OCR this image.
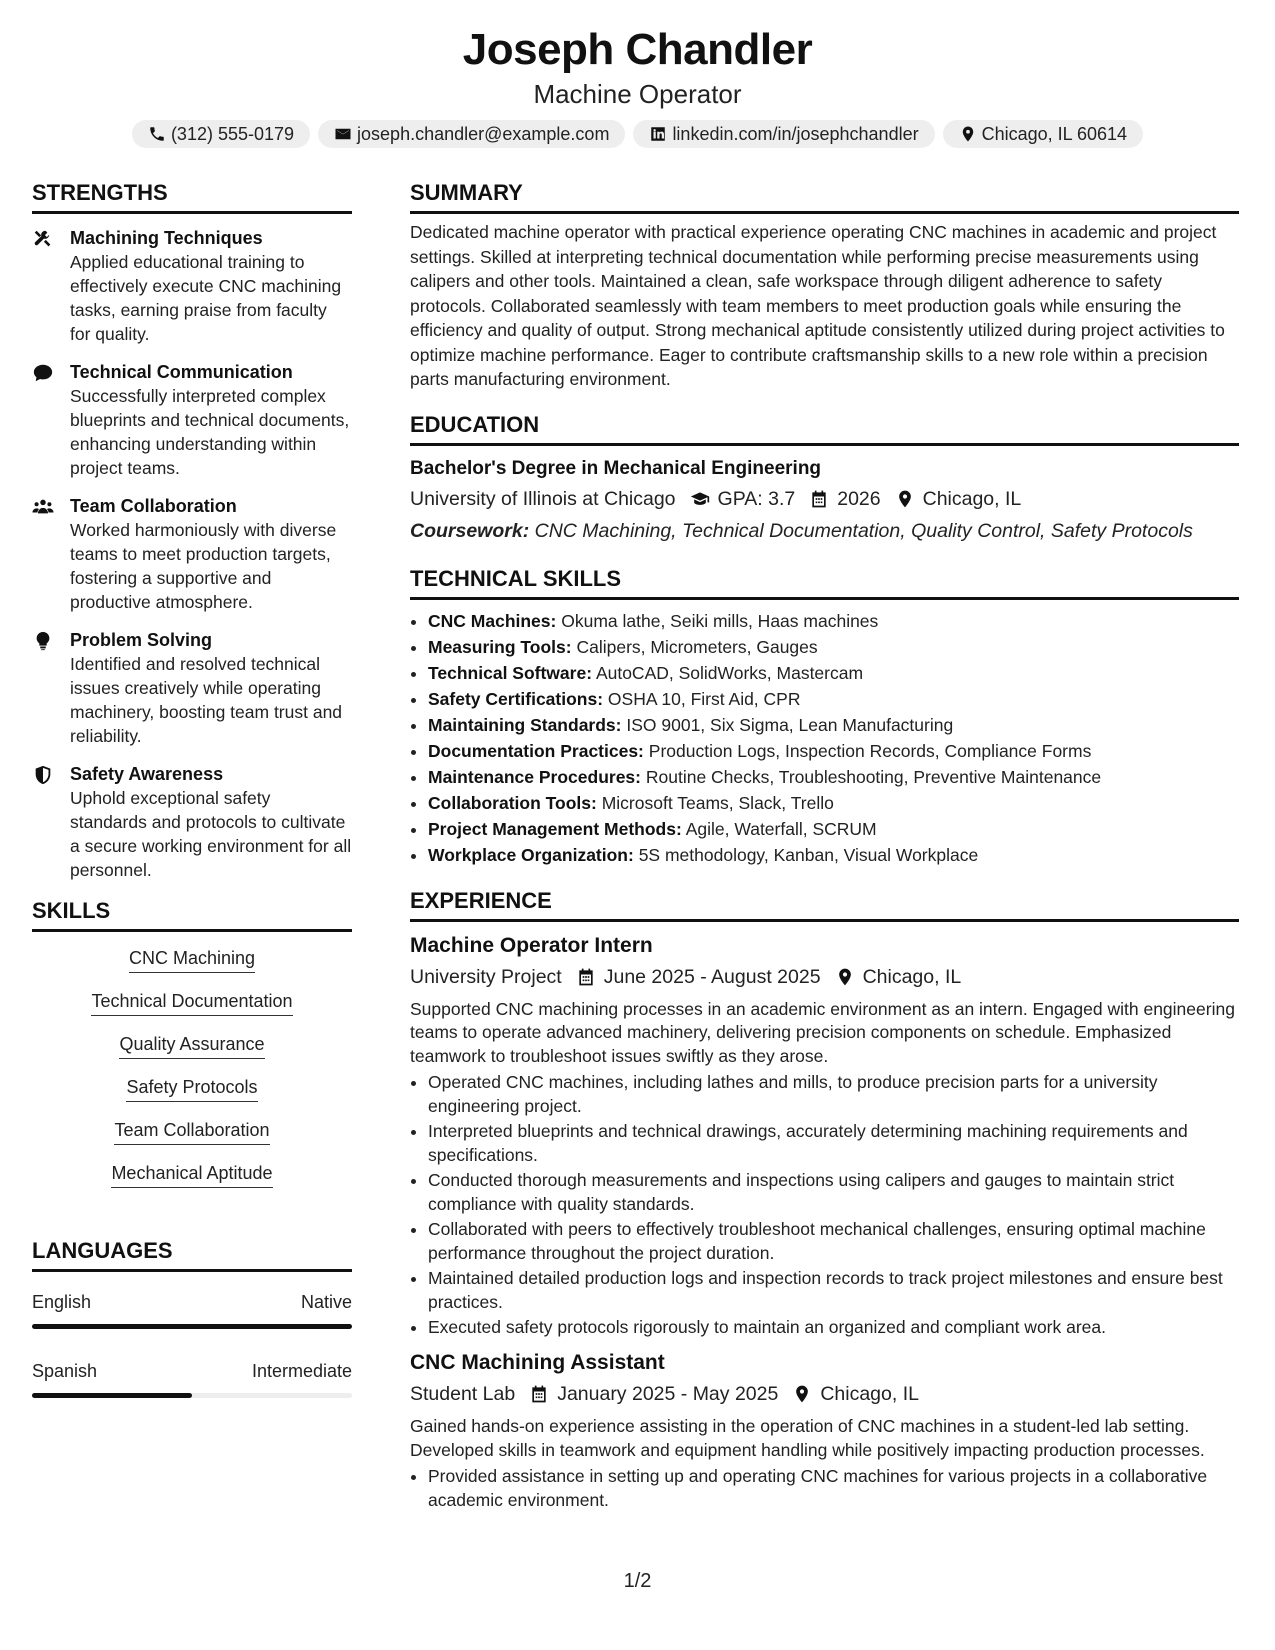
Joseph Chandler
Machine Operator
(312) 555-0179	joseph.chandler@example.com	linkedin.com/in/josephchandler	Chicago, IL 60614
STRENGTHS
Machining Techniques
Applied educational training to effectively execute CNC machining tasks, earning praise from faculty for quality.
Technical Communication
Successfully interpreted complex blueprints and technical documents, enhancing understanding within project teams.
Team Collaboration
Worked harmoniously with diverse teams to meet production targets, fostering a supportive and productive atmosphere.
Problem Solving
Identified and resolved technical issues creatively while operating machinery, boosting team trust and reliability.
Safety Awareness
Uphold exceptional safety standards and protocols to cultivate a secure working environment for all personnel.
SKILLS
CNC Machining
Technical Documentation
Quality Assurance
Safety Protocols
Team Collaboration
Mechanical Aptitude
LANGUAGES
English	Native
Spanish	Intermediate
SUMMARY
Dedicated machine operator with practical experience operating CNC machines in academic and project settings. Skilled at interpreting technical documentation while performing precise measurements using calipers and other tools. Maintained a clean, safe workspace through diligent adherence to safety protocols. Collaborated seamlessly with team members to meet production goals while ensuring the efficiency and quality of output. Strong mechanical aptitude consistently utilized during project activities to optimize machine performance. Eager to contribute craftsmanship skills to a new role within a precision parts manufacturing environment.
EDUCATION
Bachelor's Degree in Mechanical Engineering
University of Illinois at Chicago GPA: 3.7 2026 Chicago, IL
Coursework: CNC Machining, Technical Documentation, Quality Control, Safety Protocols
TECHNICAL SKILLS
• CNC Machines: Okuma lathe, Seiki mills, Haas machines
• Measuring Tools: Calipers, Micrometers, Gauges
• Technical Software: AutoCAD, SolidWorks, Mastercam
• Safety Certifications: OSHA 10, First Aid, CPR
• Maintaining Standards: ISO 9001, Six Sigma, Lean Manufacturing
• Documentation Practices: Production Logs, Inspection Records, Compliance Forms
• Maintenance Procedures: Routine Checks, Troubleshooting, Preventive Maintenance
• Collaboration Tools: Microsoft Teams, Slack, Trello
• Project Management Methods: Agile, Waterfall, SCRUM
• Workplace Organization: 5S methodology, Kanban, Visual Workplace
EXPERIENCE
Machine Operator Intern
University Project June 2025 - August 2025 Chicago, IL
Supported CNC machining processes in an academic environment as an intern. Engaged with engineering teams to operate advanced machinery, delivering precision components on schedule. Emphasized teamwork to troubleshoot issues swiftly as they arose.
• Operated CNC machines, including lathes and mills, to produce precision parts for a university engineering project.
• Interpreted blueprints and technical drawings, accurately determining machining requirements and specifications.
• Conducted thorough measurements and inspections using calipers and gauges to maintain strict compliance with quality standards.
• Collaborated with peers to effectively troubleshoot mechanical challenges, ensuring optimal machine performance throughout the project duration.
• Maintained detailed production logs and inspection records to track project milestones and ensure best practices.
• Executed safety protocols rigorously to maintain an organized and compliant work area.
CNC Machining Assistant
Student Lab January 2025 - May 2025 Chicago, IL
Gained hands-on experience assisting in the operation of CNC machines in a student-led lab setting. Developed skills in teamwork and equipment handling while positively impacting production processes.
• Provided assistance in setting up and operating CNC machines for various projects in a collaborative academic environment.
1/2
